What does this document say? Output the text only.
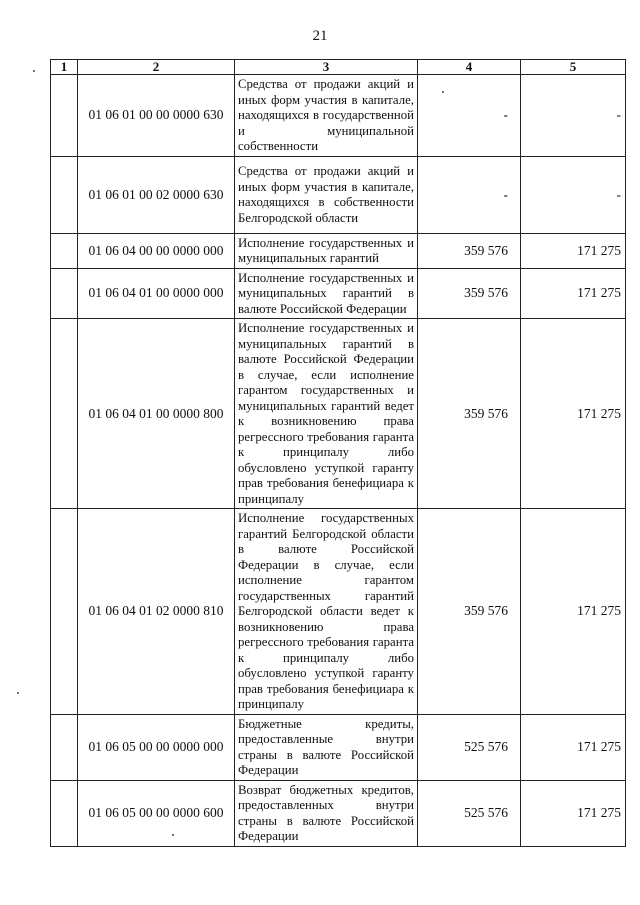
21
1	2	3	4	5
	01 06 01 00 00 0000 630	Средства от продажи акций и иных форм участия в капитале, находящихся в государственной и муниципальной собственности	-	-
	01 06 01 00 02 0000 630	Средства от продажи акций и иных форм участия в капитале, находящихся в собственности Белгородской области	-	-
	01 06 04 00 00 0000 000	Исполнение государственных и муниципальных гарантий	359 576	171 275
	01 06 04 01 00 0000 000	Исполнение государственных и муниципальных гарантий в валюте Российской Федерации	359 576	171 275
	01 06 04 01 00 0000 800	Исполнение государственных и муниципальных гарантий в валюте Российской Федерации в случае, если исполнение гарантом государственных и муниципальных гарантий ведет к возникновению права регрессного требования гаранта к принципалу либо обусловлено уступкой гаранту прав требования бенефициара к принципалу	359 576	171 275
	01 06 04 01 02 0000 810	Исполнение государственных гарантий Белгородской области в валюте Российской Федерации в случае, если исполнение гарантом государственных гарантий Белгородской области ведет к возникновению права регрессного требования гаранта к принципалу либо обусловлено уступкой гаранту прав требования бенефициара к принципалу	359 576	171 275
	01 06 05 00 00 0000 000	Бюджетные кредиты, предоставленные внутри страны в валюте Российской Федерации	525 576	171 275
	01 06 05 00 00 0000 600	Возврат бюджетных кредитов, предоставленных внутри страны в валюте Российской Федерации	525 576	171 275
